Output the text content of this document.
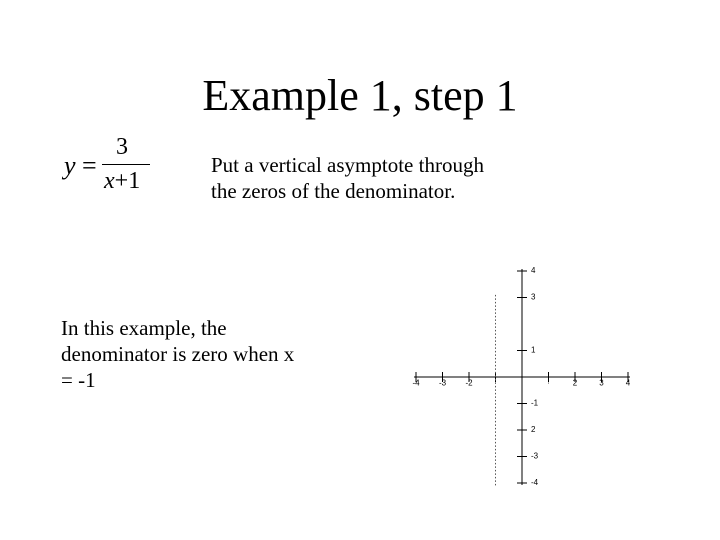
Example 1, step 1
y =
3
x+1
Put a vertical asymptote through the zeros of the denominator.
In this example, the denominator is zero when x = -1	-4 -3 -2	·	2	3	4
4
3
1
-1
2
-3
-4
